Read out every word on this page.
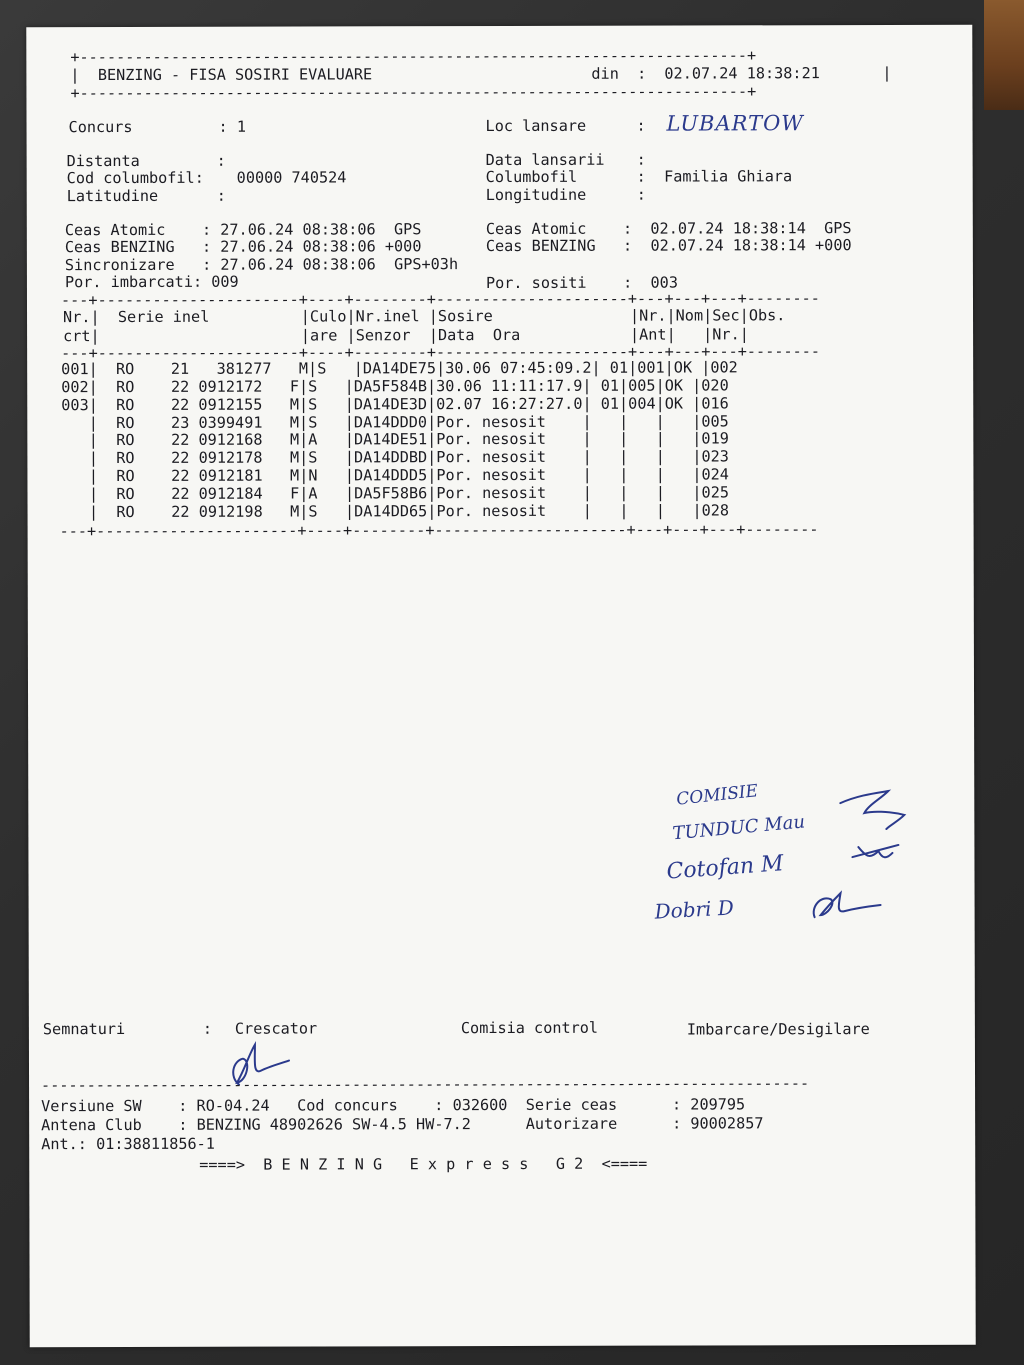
+-------------------------------------------------------------------------+
|  BENZING - FISA SOSIRI EVALUARE	din  : 02.07.24 18:38:21	|
+-------------------------------------------------------------------------+
Concurs	: 1	Loc lansare	: LUBARTOW
Distanta	:
Cod columbofil: 00000 740524
Latitudine	:
Data lansarii :
Columbofil	:  Familia Ghiara
Longitudine	:
Ceas Atomic    : 27.06.24 08:38:06  GPS
Ceas BENZING   : 27.06.24 08:38:06 +000
Sincronizare   : 27.06.24 08:38:06  GPS+03h
Por. imbarcati: 009
Ceas Atomic    :  02.07.24 18:38:14  GPS
Ceas BENZING   :  02.07.24 18:38:14 +000
Por. sositi    :  003
---+----------------------+----+--------+---------------------+---+---+---+--------
Nr.|  Serie inel          |Culo|Nr.inel |Sosire               |Nr.|Nom|Sec|Obs.
crt|                      |are |Senzor  |Data  Ora            |Ant|   |Nr.|
---+----------------------+----+--------+---------------------+---+---+---+--------
001|  RO    21   381277   M|S   |DA14DE75|30.06 07:45:09.2| 01|001|OK |002
002|  RO    22 0912172   F|S   |DA5F584B|30.06 11:11:17.9| 01|005|OK |020
003|  RO    22 0912155   M|S   |DA14DE3D|02.07 16:27:27.0| 01|004|OK |016
|  RO    23 0399491   M|S   |DA14DDD0|Por. nesosit    |   |   |   |005
|  RO    22 0912168   M|A   |DA14DE51|Por. nesosit    |   |   |   |019
|  RO    22 0912178   M|S   |DA14DDBD|Por. nesosit    |   |   |   |023
|  RO    22 0912181   M|N   |DA14DDD5|Por. nesosit    |   |   |   |024
|  RO    22 0912184   F|A   |DA5F58B6|Por. nesosit    |   |   |   |025
|  RO    22 0912198   M|S   |DA14DD65|Por. nesosit    |   |   |   |028
---+----------------------+----+--------+---------------------+---+---+---+--------
COMISIE
TUNDUC Mau
Cotofan M
Dobri D
Semnaturi	: Crescator	Comisia control	Imbarcare/Desigilare
------------------------------------------------------------------------------------
Versiune SW    : RO-04.24   Cod concurs    : 032600  Serie ceas      : 209795
Antena Club    : BENZING 48902626 SW-4.5 HW-7.2      Autorizare      : 90002857
Ant.: 01:38811856-1
====>  B E N Z I N G   E x p r e s s   G 2  <====
